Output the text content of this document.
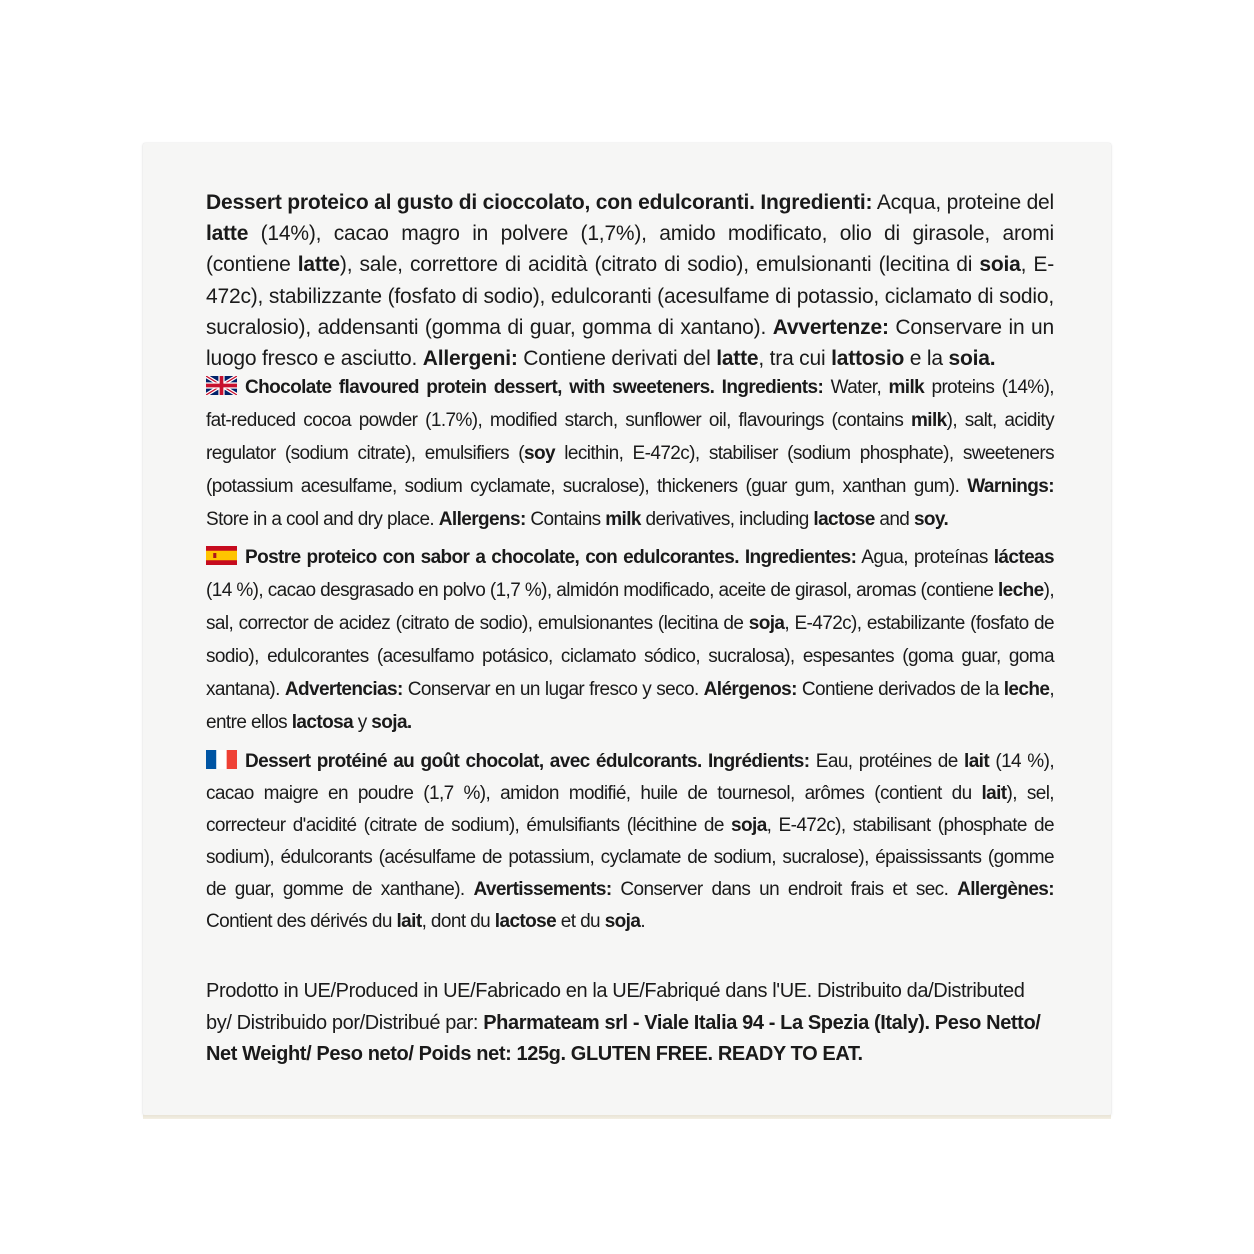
Dessert proteico al gusto di cioccolato, con edulcoranti. Ingredienti: Acqua, proteine del latte (14%), cacao magro in polvere (1,7%), amido modificato, olio di girasole, aromi (contiene latte), sale, correttore di acidità (citrato di sodio), emulsionanti (lecitina di soia, E-472c), stabilizzante (fosfato di sodio), edulcoranti (acesulfame di potassio, ciclamato di sodio, sucralosio), addensanti (gomma di guar, gomma di xantano). Avvertenze: Conservare in un luogo fresco e asciutto. Allergeni: Contiene derivati del latte, tra cui lattosio e la soia.
Chocolate flavoured protein dessert, with sweeteners. Ingredients: Water, milk proteins (14%), fat-reduced cocoa powder (1.7%), modified starch, sunflower oil, flavourings (contains milk), salt, acidity regulator (sodium citrate), emulsifiers (soy lecithin, E-472c), stabiliser (sodium phosphate), sweeteners (potassium acesulfame, sodium cyclamate, sucralose), thickeners (guar gum, xanthan gum). Warnings: Store in a cool and dry place. Allergens: Contains milk derivatives, including lactose and soy.
Postre proteico con sabor a chocolate, con edulcorantes. Ingredientes: Agua, proteínas lácteas (14 %), cacao desgrasado en polvo (1,7 %), almidón modificado, aceite de girasol, aromas (contiene leche), sal, corrector de acidez (citrato de sodio), emulsionantes (lecitina de soja, E-472c), estabilizante (fosfato de sodio), edulcorantes (acesulfamo potásico, ciclamato sódico, sucralosa), espesantes (goma guar, goma xantana). Advertencias: Conservar en un lugar fresco y seco. Alérgenos: Contiene derivados de la leche, entre ellos lactosa y soja.
Dessert protéiné au goût chocolat, avec édulcorants. Ingrédients: Eau, protéines de lait (14 %), cacao maigre en poudre (1,7 %), amidon modifié, huile de tournesol, arômes (contient du lait), sel, correcteur d'acidité (citrate de sodium), émulsifiants (lécithine de soja, E-472c), stabilisant (phosphate de sodium), édulcorants (acésulfame de potassium, cyclamate de sodium, sucralose), épaississants (gomme de guar, gomme de xanthane). Avertissements: Conserver dans un endroit frais et sec. Allergènes: Contient des dérivés du lait, dont du lactose et du soja.
Prodotto in UE/Produced in UE/Fabricado en la UE/Fabriqué dans l'UE. Distribuito da/Distributed by/ Distribuido por/Distribué par: Pharmateam srl - Viale Italia 94 - La Spezia (Italy). Peso Netto/ Net Weight/ Peso neto/ Poids net: 125g. GLUTEN FREE. READY TO EAT.
